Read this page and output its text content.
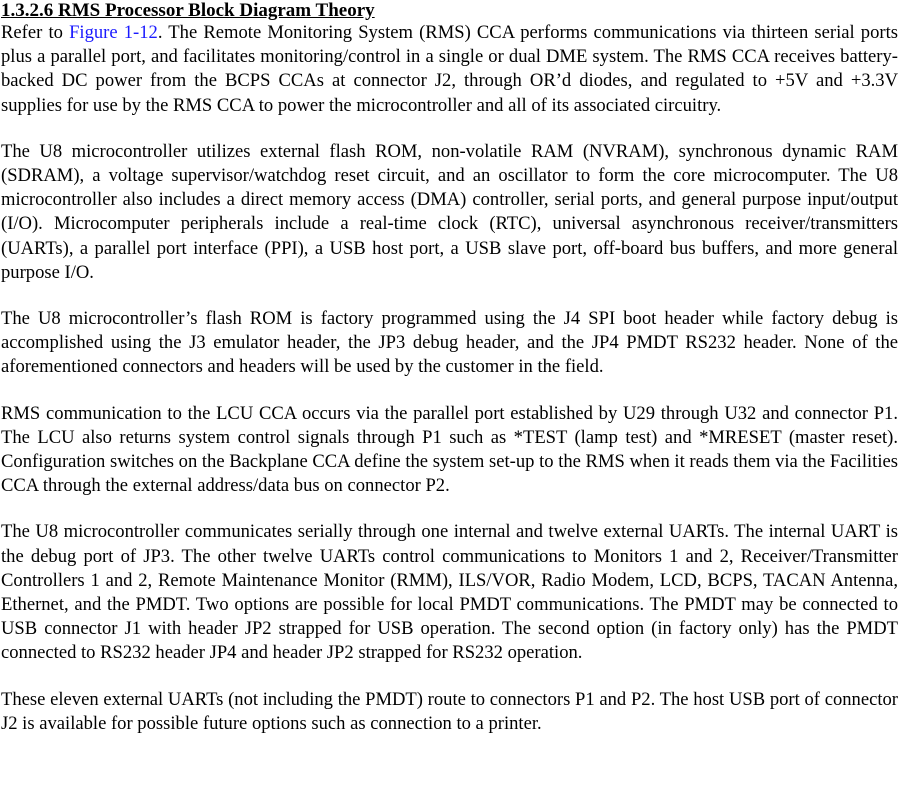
1.3.2.6 RMS Processor Block Diagram Theory

Refer to Figure 1-12. The Remote Monitoring System (RMS) CCA performs communications via thirteen serial ports plus a parallel port, and facilitates monitoring/control in a single or dual DME system. The RMS CCA receives battery-backed DC power from the BCPS CCAs at connector J2, through OR’d diodes, and regulated to +5V and +3.3V supplies for use by the RMS CCA to power the microcontroller and all of its associated circuitry.

The U8 microcontroller utilizes external flash ROM, non-volatile RAM (NVRAM), synchronous dynamic RAM (SDRAM), a voltage supervisor/watchdog reset circuit, and an oscillator to form the core microcomputer. The U8 microcontroller also includes a direct memory access (DMA) controller, serial ports, and general purpose input/output (I/O). Microcomputer peripherals include a real-time clock (RTC), universal asynchronous receiver/transmitters (UARTs), a parallel port interface (PPI), a USB host port, a USB slave port, off-board bus buffers, and more general purpose I/O.

The U8 microcontroller’s flash ROM is factory programmed using the J4 SPI boot header while factory debug is accomplished using the J3 emulator header, the JP3 debug header, and the JP4 PMDT RS232 header. None of the aforementioned connectors and headers will be used by the customer in the field.

RMS communication to the LCU CCA occurs via the parallel port established by U29 through U32 and connector P1. The LCU also returns system control signals through P1 such as *TEST (lamp test) and *MRESET (master reset). Configuration switches on the Backplane CCA define the system set-up to the RMS when it reads them via the Facilities CCA through the external address/data bus on connector P2.

The U8 microcontroller communicates serially through one internal and twelve external UARTs. The internal UART is the debug port of JP3. The other twelve UARTs control communications to Monitors 1 and 2, Receiver/Transmitter Controllers 1 and 2, Remote Maintenance Monitor (RMM), ILS/VOR, Radio Modem, LCD, BCPS, TACAN Antenna, Ethernet, and the PMDT. Two options are possible for local PMDT communications. The PMDT may be connected to USB connector J1 with header JP2 strapped for USB operation. The second option (in factory only) has the PMDT connected to RS232 header JP4 and header JP2 strapped for RS232 operation.

These eleven external UARTs (not including the PMDT) route to connectors P1 and P2. The host USB port of connector J2 is available for possible future options such as connection to a printer.
